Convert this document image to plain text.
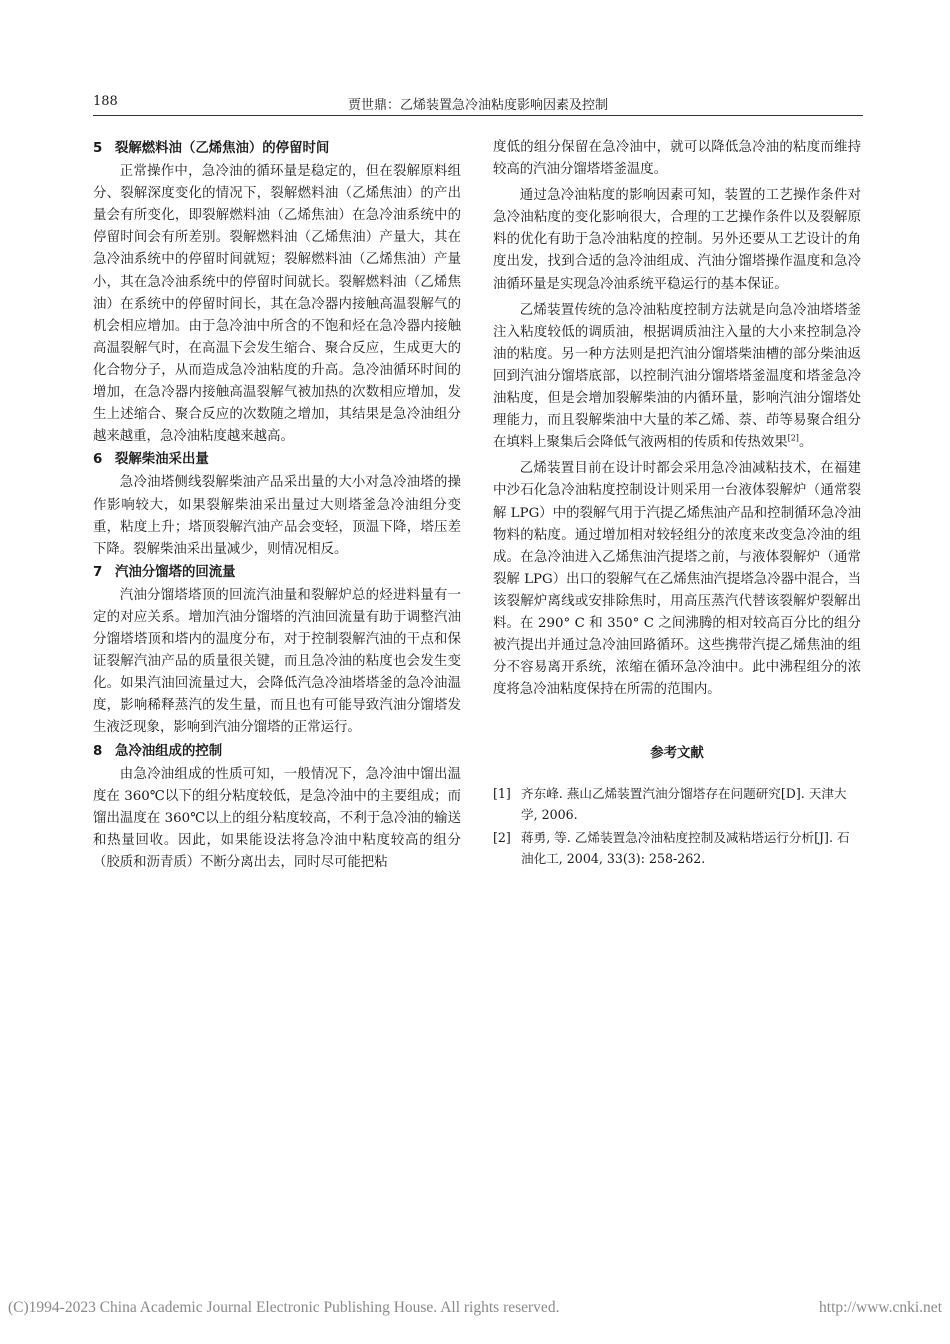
188	贾世鼎：乙烯装置急冷油粘度影响因素及控制
5 裂解燃料油（乙烯焦油）的停留时间

正常操作中，急冷油的循环量是稳定的，但在裂解原料组分、裂解深度变化的情况下，裂解燃料油（乙烯焦油）的产出量会有所变化，即裂解燃料油（乙烯焦油）在急冷油系统中的停留时间会有所差别。裂解燃料油（乙烯焦油）产量大，其在急冷油系统中的停留时间就短；裂解燃料油（乙烯焦油）产量小，其在急冷油系统中的停留时间就长。裂解燃料油（乙烯焦油）在系统中的停留时间长，其在急冷器内接触高温裂解气的机会相应增加。由于急冷油中所含的不饱和烃在急冷器内接触高温裂解气时，在高温下会发生缩合、聚合反应，生成更大的化合物分子，从而造成急冷油粘度的升高。急冷油循环时间的增加，在急冷器内接触高温裂解气被加热的次数相应增加，发生上述缩合、聚合反应的次数随之增加，其结果是急冷油组分越来越重，急冷油粘度越来越高。

6 裂解柴油采出量

急冷油塔侧线裂解柴油产品采出量的大小对急冷油塔的操作影响较大，如果裂解柴油采出量过大则塔釜急冷油组分变重，粘度上升；塔顶裂解汽油产品会变轻，顶温下降，塔压差下降。裂解柴油采出量减少，则情况相反。

7 汽油分馏塔的回流量

汽油分馏塔塔顶的回流汽油量和裂解炉总的烃进料量有一定的对应关系。增加汽油分馏塔的汽油回流量有助于调整汽油分馏塔塔顶和塔内的温度分布，对于控制裂解汽油的干点和保证裂解汽油产品的质量很关键，而且急冷油的粘度也会发生变化。如果汽油回流量过大，会降低汽急冷油塔塔釜的急冷油温度，影响稀释蒸汽的发生量，而且也有可能导致汽油分馏塔发生液泛现象，影响到汽油分馏塔的正常运行。

8 急冷油组成的控制

由急冷油组成的性质可知，一般情况下，急冷油中馏出温度在 360℃以下的组分粘度较低，是急冷油中的主要组成；而馏出温度在 360℃以上的组分粘度较高，不利于急冷油的输送和热量回收。因此，如果能设法将急冷油中粘度较高的组分（胶质和沥青质）不断分离出去，同时尽可能把粘

度低的组分保留在急冷油中，就可以降低急冷油的粘度而维持较高的汽油分馏塔塔釜温度。

通过急冷油粘度的影响因素可知，装置的工艺操作条件对急冷油粘度的变化影响很大，合理的工艺操作条件以及裂解原料的优化有助于急冷油粘度的控制。另外还要从工艺设计的角度出发，找到合适的急冷油组成、汽油分馏塔操作温度和急冷油循环量是实现急冷油系统平稳运行的基本保证。

乙烯装置传统的急冷油粘度控制方法就是向急冷油塔塔釜注入粘度较低的调质油，根据调质油注入量的大小来控制急冷油的粘度。另一种方法则是把汽油分馏塔柴油槽的部分柴油返回到汽油分馏塔底部，以控制汽油分馏塔塔釜温度和塔釜急冷油粘度，但是会增加裂解柴油的内循环量，影响汽油分馏塔处理能力，而且裂解柴油中大量的苯乙烯、萘、茚等易聚合组分在填料上聚集后会降低气液两相的传质和传热效果[2]。

乙烯装置目前在设计时都会采用急冷油减粘技术，在福建中沙石化急冷油粘度控制设计则采用一台液体裂解炉（通常裂解 LPG）中的裂解气用于汽提乙烯焦油产品和控制循环急冷油物料的粘度。通过增加相对较轻组分的浓度来改变急冷油的组成。在急冷油进入乙烯焦油汽提塔之前，与液体裂解炉（通常裂解 LPG）出口的裂解气在乙烯焦油汽提塔急冷器中混合，当该裂解炉离线或安排除焦时，用高压蒸汽代替该裂解炉裂解出料。在 290° C 和 350° C 之间沸腾的相对较高百分比的组分被汽提出并通过急冷油回路循环。这些携带汽提乙烯焦油的组分不容易离开系统，浓缩在循环急冷油中。此中沸程组分的浓度将急冷油粘度保持在所需的范围内。

参考文献
[1] 齐东峰. 燕山乙烯装置汽油分馏塔存在问题研究[D]. 天津大学, 2006.
[2] 蒋勇, 等. 乙烯装置急冷油粘度控制及减粘塔运行分析[J]. 石油化工, 2004, 33(3): 258-262.
(C)1994-2023 China Academic Journal Electronic Publishing House. All rights reserved.	http://www.cnki.net
